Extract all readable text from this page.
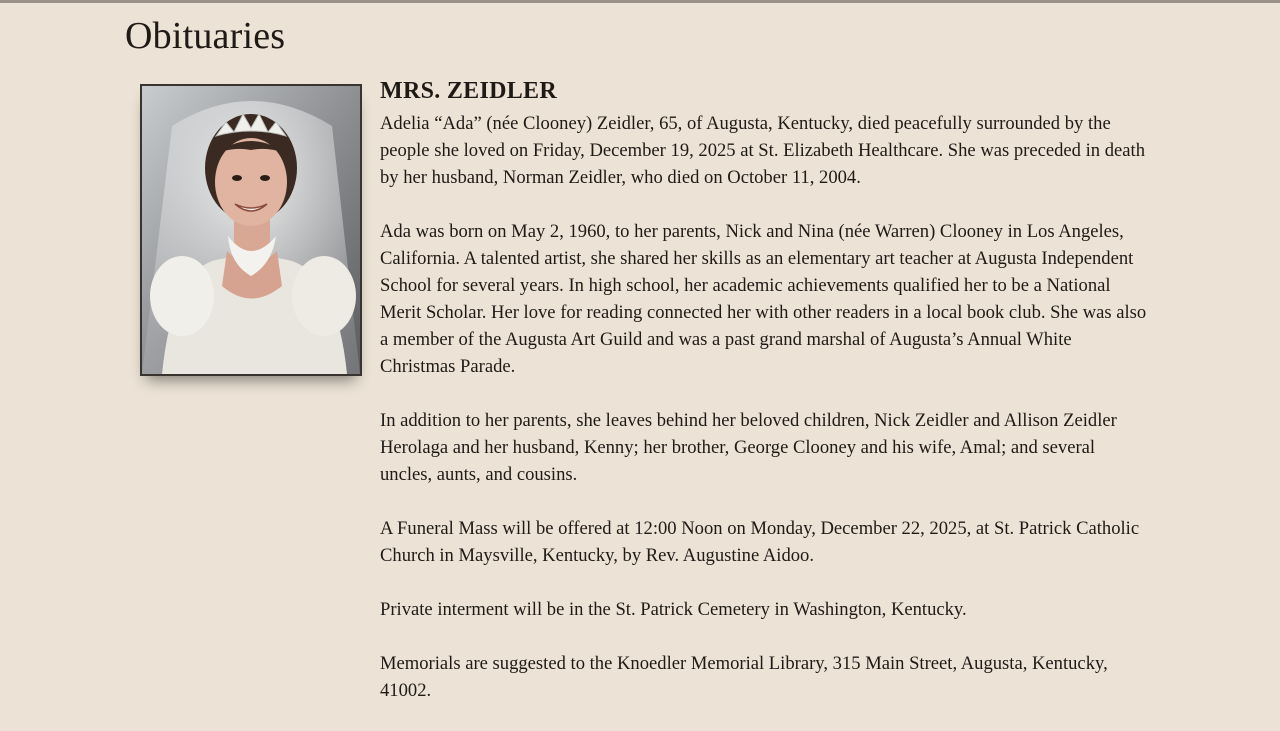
Obituaries
MRS. ZEIDLER

Adelia “Ada” (née Clooney) Zeidler, 65, of Augusta, Kentucky, died peacefully surrounded by the people she loved on Friday, December 19, 2025 at St. Elizabeth Healthcare. She was preceded in death by her husband, Norman Zeidler, who died on October 11, 2004.

Ada was born on May 2, 1960, to her parents, Nick and Nina (née Warren) Clooney in Los Angeles, California. A talented artist, she shared her skills as an elementary art teacher at Augusta Independent School for several years. In high school, her academic achievements qualified her to be a National Merit Scholar. Her love for reading connected her with other readers in a local book club. She was also a member of the Augusta Art Guild and was a past grand marshal of Augusta’s Annual White Christmas Parade.

In addition to her parents, she leaves behind her beloved children, Nick Zeidler and Allison Zeidler Herolaga and her husband, Kenny; her brother, George Clooney and his wife, Amal; and several uncles, aunts, and cousins.

A Funeral Mass will be offered at 12:00 Noon on Monday, December 22, 2025, at St. Patrick Catholic Church in Maysville, Kentucky, by Rev. Augustine Aidoo.

Private interment will be in the St. Patrick Cemetery in Washington, Kentucky.

Memorials are suggested to the Knoedler Memorial Library, 315 Main Street, Augusta, Kentucky, 41002.
